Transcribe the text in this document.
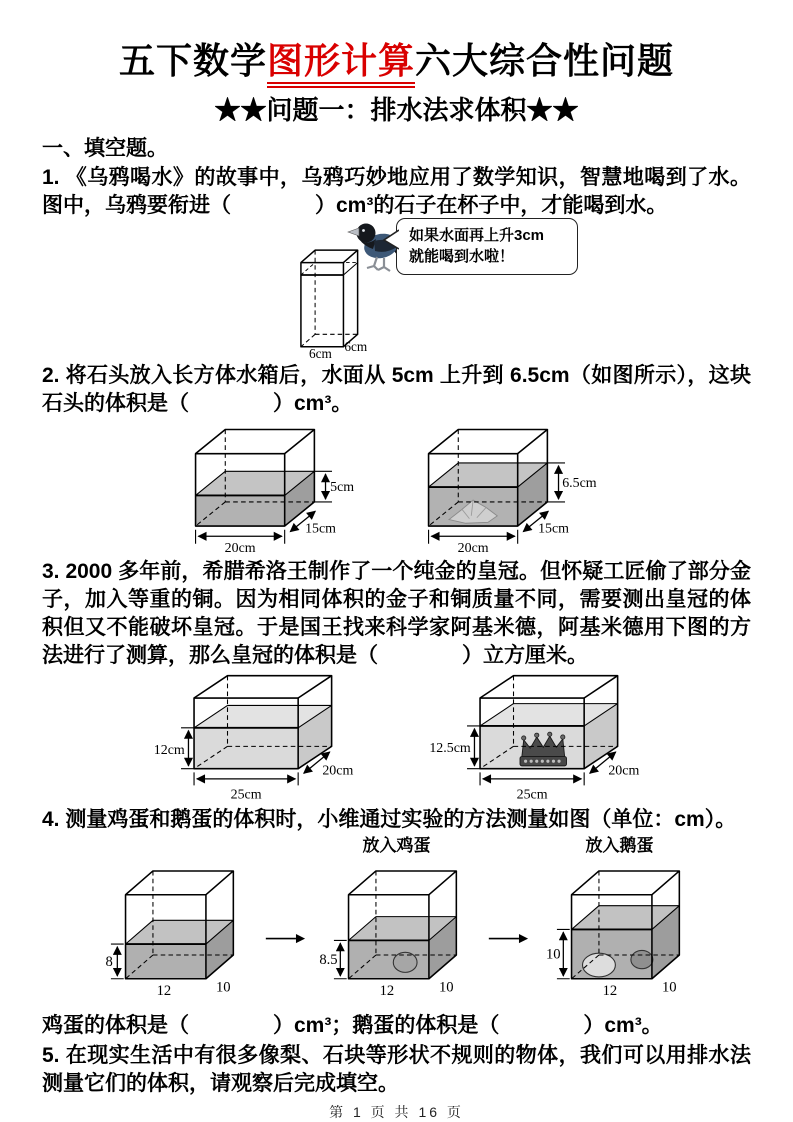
五下数学图形计算六大综合性问题
★★问题一：排水法求体积★★
一、填空题。

1. 《乌鸦喝水》的故事中，乌鸦巧妙地应用了数学知识，智慧地喝到了水。图中，乌鸦要衔进（　　　　）cm³的石子在杯子中，才能喝到水。

6cm 6cm
如果水面再上升3cm
就能喝到水啦！

2. 将石头放入长方体水箱后，水面从 5cm 上升到 6.5cm（如图所示），这块石头的体积是（　　　　）cm³。

5cm
15cm
20cm
6.5cm
15cm
20cm

3. 2000 多年前，希腊希洛王制作了一个纯金的皇冠。但怀疑工匠偷了部分金子，加入等重的铜。因为相同体积的金子和铜质量不同，需要测出皇冠的体积但又不能破坏皇冠。于是国王找来科学家阿基米德，阿基米德用下图的方法进行了测算，那么皇冠的体积是（　　　　）立方厘米。

12cm
20cm
25cm
12.5cm
20cm
25cm

4. 测量鸡蛋和鹅蛋的体积时，小维通过实验的方法测量如图（单位：cm）。

8
12	10
放入鸡蛋
8.5
12	10
放入鹅蛋
10
12	10

鸡蛋的体积是（　　　　）cm³；鹅蛋的体积是（　　　　）cm³。

5. 在现实生活中有很多像梨、石块等形状不规则的物体，我们可以用排水法测量它们的体积，请观察后完成填空。

第 1 页 共 16 页
